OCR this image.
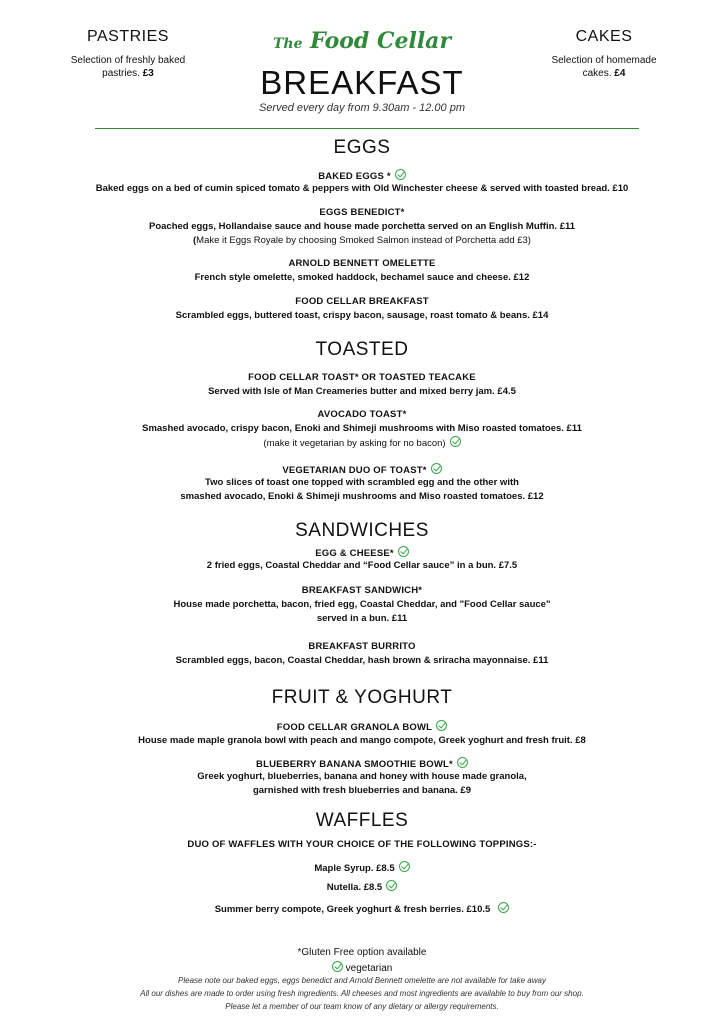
PASTRIES
Selection of freshly baked
pastries. £3
CAKES
Selection of homemade
cakes. £4
The Food Cellar
BREAKFAST
Served every day from 9.30am - 12.00 pm
EGGS
BAKED EGGS *
Baked eggs on a bed of cumin spiced tomato & peppers with Old Winchester cheese & served with toasted bread. £10
EGGS BENEDICT*
Poached eggs, Hollandaise sauce and house made porchetta served on an English Muffin. £11
(Make it Eggs Royale by choosing Smoked Salmon instead of Porchetta add £3)
ARNOLD BENNETT OMELETTE
French style omelette, smoked haddock, bechamel sauce and cheese. £12
FOOD CELLAR BREAKFAST
Scrambled eggs, buttered toast, crispy bacon, sausage, roast tomato & beans. £14
TOASTED
FOOD CELLAR TOAST* OR TOASTED TEACAKE
Served with Isle of Man Creameries butter and mixed berry jam. £4.5
AVOCADO TOAST*
Smashed avocado, crispy bacon, Enoki and Shimeji mushrooms with Miso roasted tomatoes. £11
(make it vegetarian by asking for no bacon)
VEGETARIAN DUO OF TOAST*
Two slices of toast one topped with scrambled egg and the other with
smashed avocado, Enoki & Shimeji mushrooms and Miso roasted tomatoes. £12
SANDWICHES
EGG & CHEESE*
2 fried eggs, Coastal Cheddar and “Food Cellar sauce” in a bun. £7.5
BREAKFAST SANDWICH*
House made porchetta, bacon, fried egg, Coastal Cheddar, and "Food Cellar sauce"
served in a bun. £11
BREAKFAST BURRITO
Scrambled eggs, bacon, Coastal Cheddar, hash brown & sriracha mayonnaise. £11
FRUIT & YOGHURT
FOOD CELLAR GRANOLA BOWL
House made maple granola bowl with peach and mango compote, Greek yoghurt and fresh fruit. £8
BLUEBERRY BANANA SMOOTHIE BOWL*
Greek yoghurt, blueberries, banana and honey with house made granola,
garnished with fresh blueberries and banana. £9
WAFFLES
DUO OF WAFFLES WITH YOUR CHOICE OF THE FOLLOWING TOPPINGS:-
Maple Syrup. £8.5
Nutella. £8.5
Summer berry compote, Greek yoghurt & fresh berries. £10.5
*Gluten Free option available
vegetarian
Please note our baked eggs, eggs benedict and Arnold Bennett omelette are not available for take away
All our dishes are made to order using fresh ingredients. All cheeses and most ingredients are available to buy from our shop.
Please let a member of our team know of any dietary or allergy requirements.
